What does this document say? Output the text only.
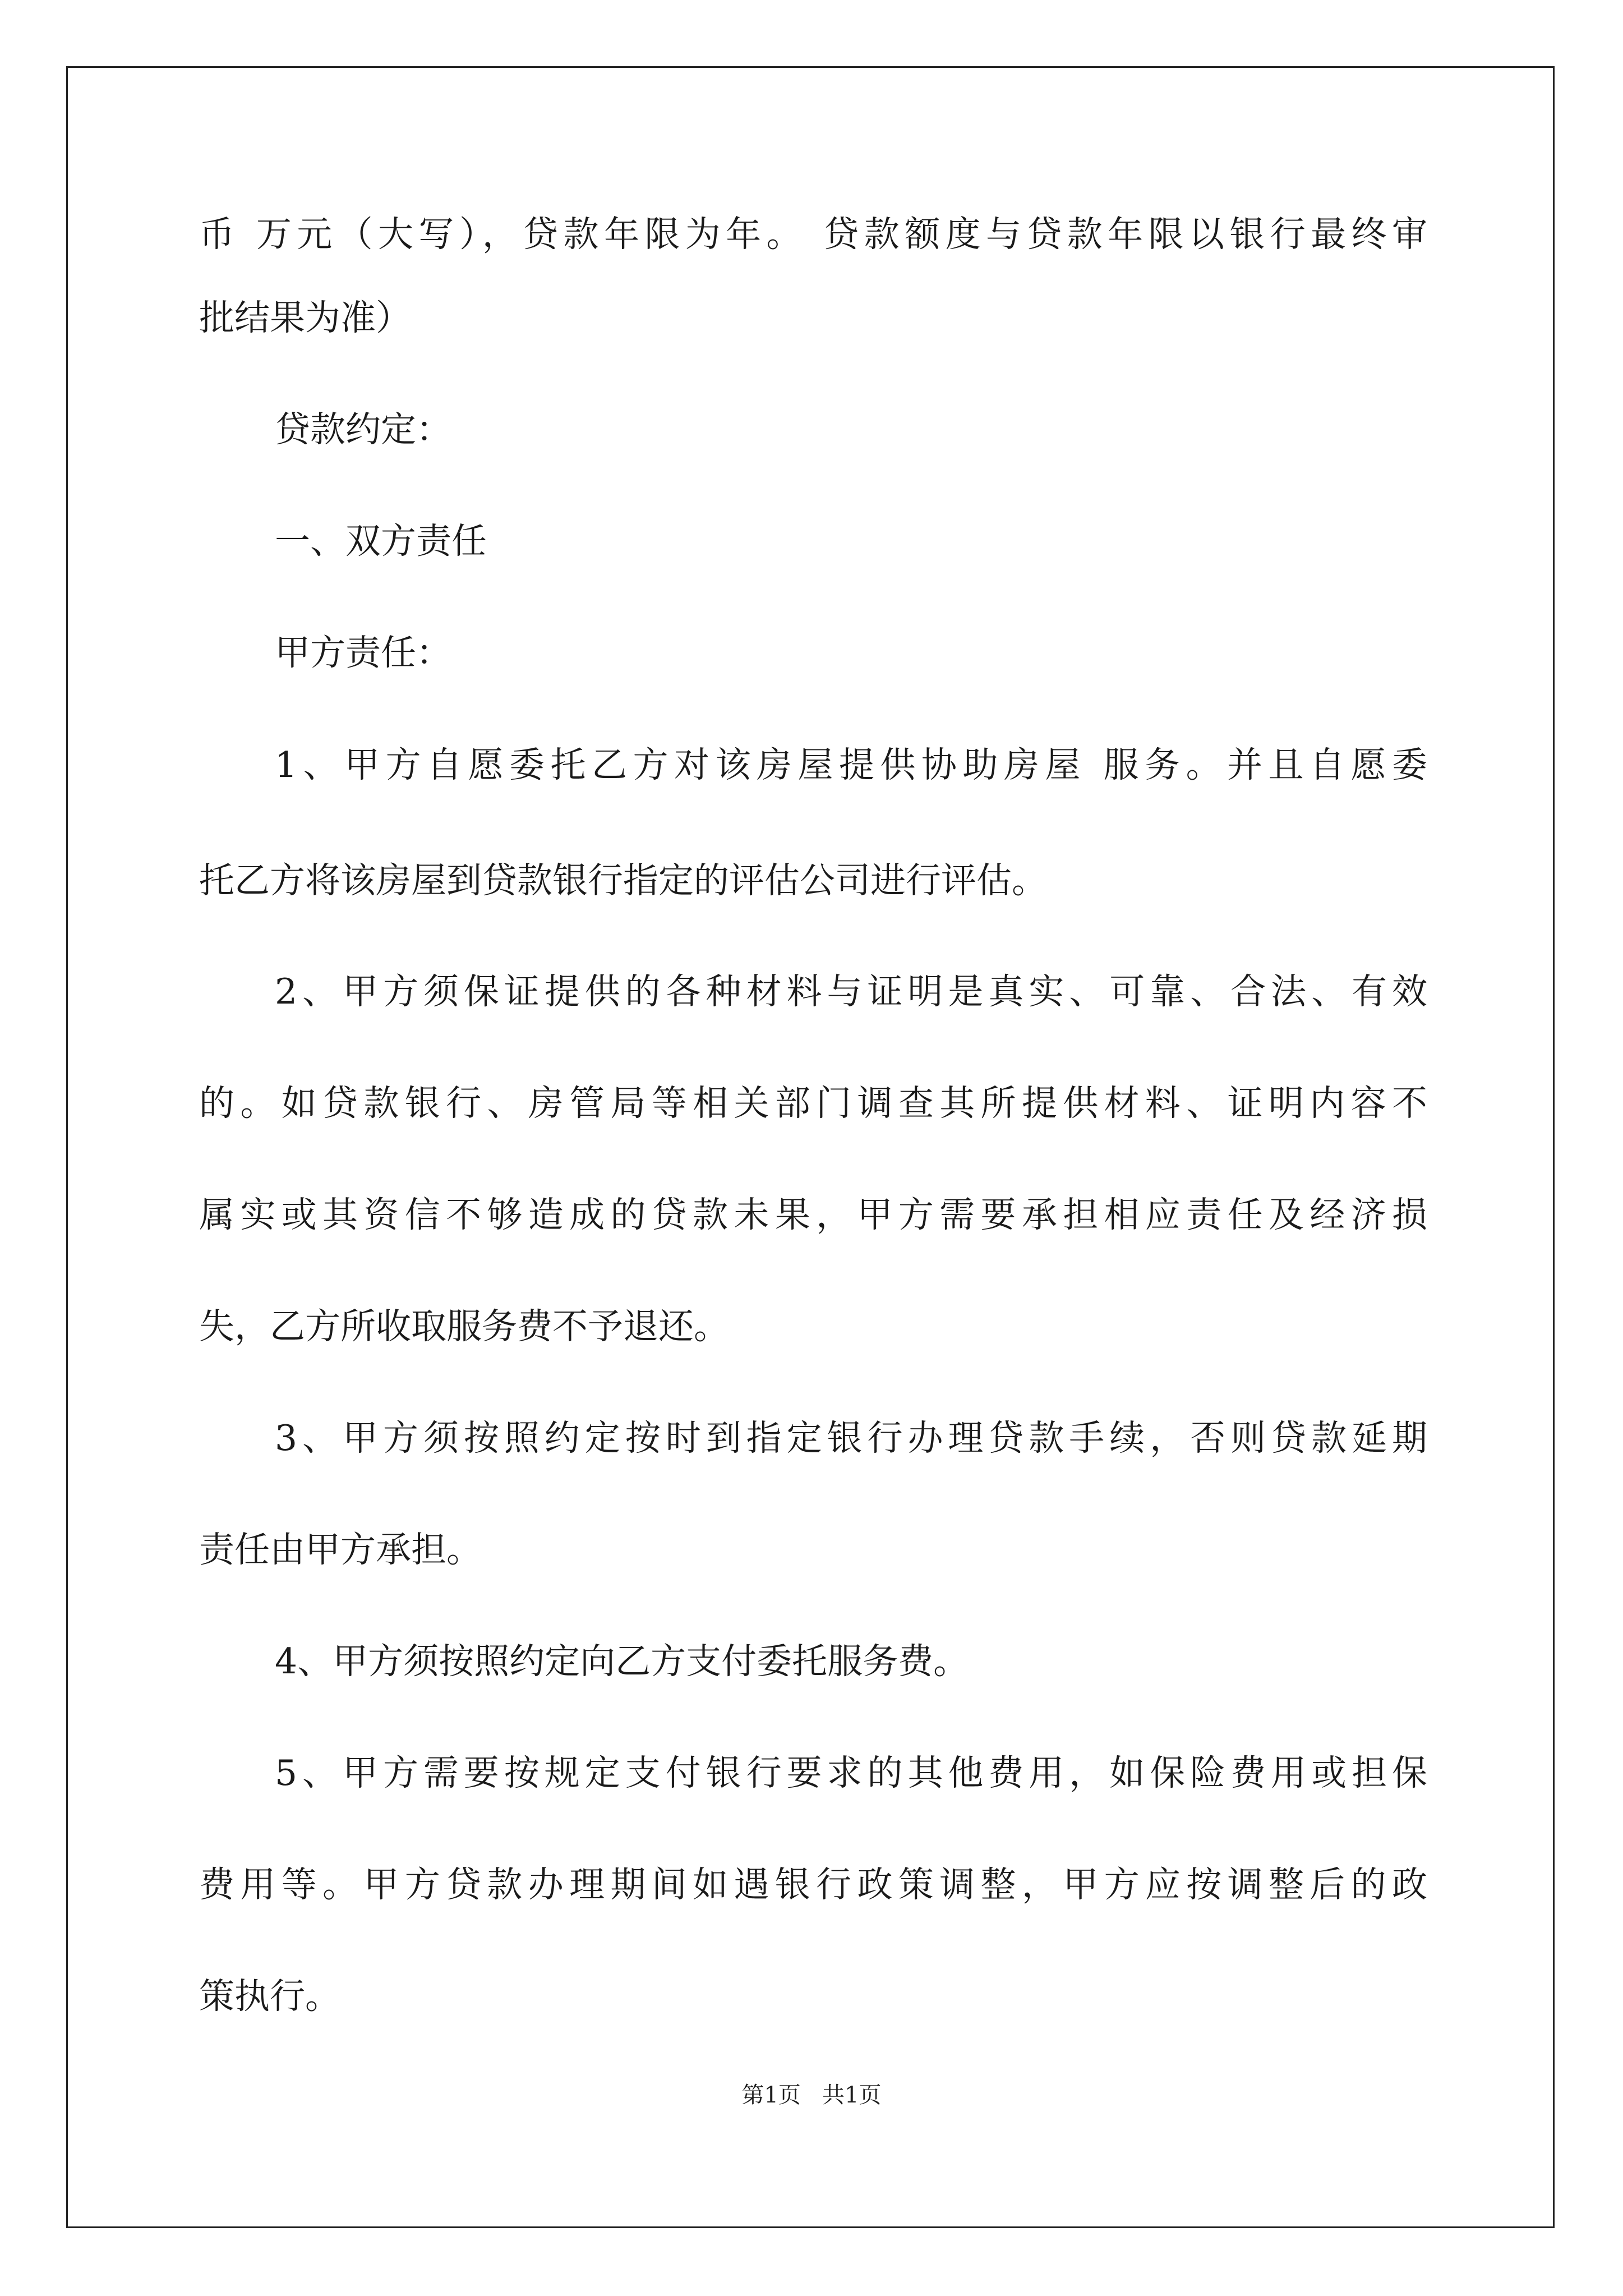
币 万元（大写），贷款年限为年。 贷款额度与贷款年限以银行最终审
批结果为准）
贷款约定：
一、双方责任
甲方责任：
1、甲方自愿委托乙方对该房屋提供协助房屋 服务。并且自愿委
托乙方将该房屋到贷款银行指定的评估公司进行评估。
2、甲方须保证提供的各种材料与证明是真实、可靠、合法、有效
的。如贷款银行、房管局等相关部门调查其所提供材料、证明内容不
属实或其资信不够造成的贷款未果，甲方需要承担相应责任及经济损
失，乙方所收取服务费不予退还。
3、甲方须按照约定按时到指定银行办理贷款手续，否则贷款延期
责任由甲方承担。
4、甲方须按照约定向乙方支付委托服务费。
5、甲方需要按规定支付银行要求的其他费用，如保险费用或担保
费用等。甲方贷款办理期间如遇银行政策调整，甲方应按调整后的政
策执行。
第1页   共1页
